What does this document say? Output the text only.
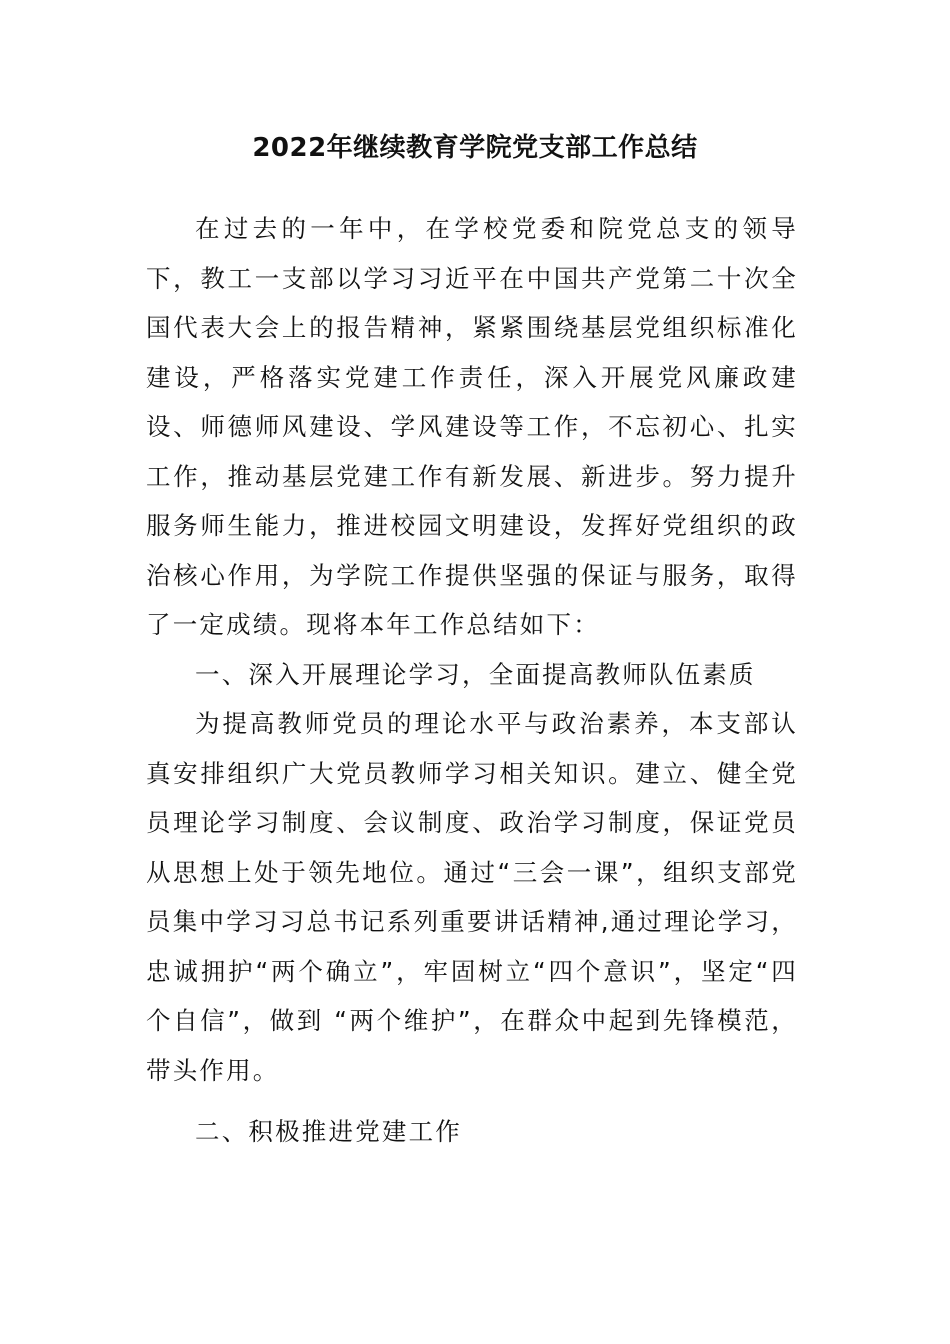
2022年继续教育学院党支部工作总结

在过去的一年中，在学校党委和院党总支的领导下，教工一支部以学习习近平在中国共产党第二十次全国代表大会上的报告精神，紧紧围绕基层党组织标准化建设，严格落实党建工作责任，深入开展党风廉政建设、师德师风建设、学风建设等工作，不忘初心、扎实工作，推动基层党建工作有新发展、新进步。努力提升服务师生能力，推进校园文明建设，发挥好党组织的政治核心作用，为学院工作提供坚强的保证与服务，取得了一定成绩。现将本年工作总结如下：

一、深入开展理论学习，全面提高教师队伍素质

为提高教师党员的理论水平与政治素养，本支部认真安排组织广大党员教师学习相关知识。建立、健全党员理论学习制度、会议制度、政治学习制度，保证党员从思想上处于领先地位。通过“三会一课”，组织支部党员集中学习习总书记系列重要讲话精神,通过理论学习，忠诚拥护“两个确立”，牢固树立“四个意识”，坚定“四个自信”，做到 “两个维护”，在群众中起到先锋模范，带头作用。

二、积极推进党建工作
